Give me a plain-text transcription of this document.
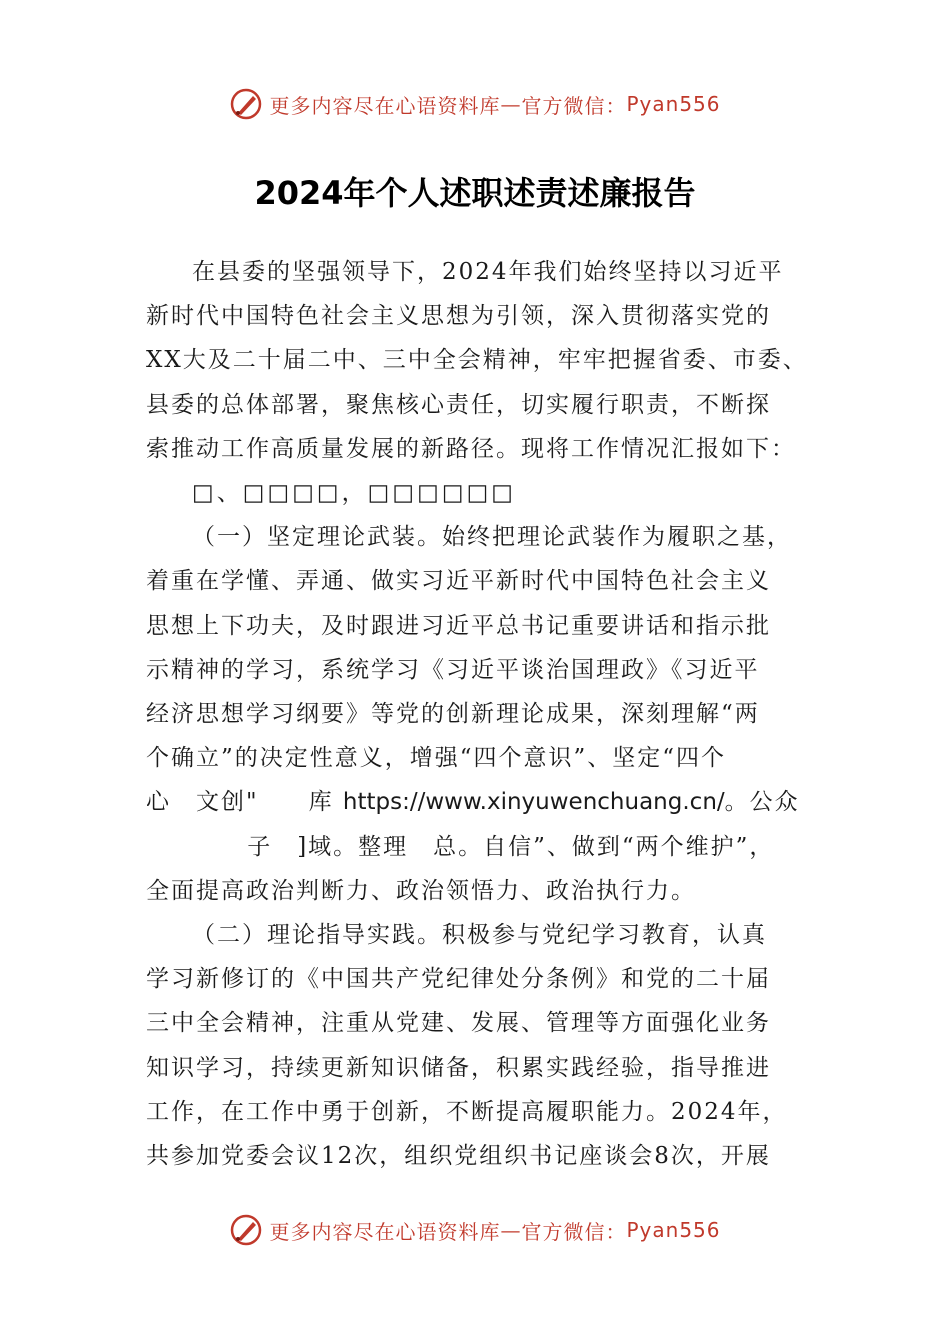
更多内容尽在心语资料库 — 官方微信： Pyan556
2024年个人述职述责述廉报告

在县委的坚强领导下，2024年我们始终坚持以习近平
新时代中国特色社会主义思想为引领，深入贯彻落实党的
XX大及二十届二中、三中全会精神，牢牢把握省委、市委、
县委的总体部署，聚焦核心责任，切实履行职责，不断探
索推动工作高质量发展的新路径。现将工作情况汇报如下：

□、□□□□，□□□□□□

（一）坚定理论武装。始终把理论武装作为履职之基，
着重在学懂、弄通、做实习近平新时代中国特色社会主义
思想上下功夫，及时跟进习近平总书记重要讲话和指示批
示精神的学习，系统学习《习近平谈治国理政》《习近平
经济思想学习纲要》等党的创新理论成果，深刻理解“两
个确立”的决定性意义，增强“四个意识”、坚定“四个
心　文创"　　库 https://www.xinyuwenchuang.cn/。公众
子　]域。整理　总。自信”、做到“两个维护”，
全面提高政治判断力、政治领悟力、政治执行力。

（二）理论指导实践。积极参与党纪学习教育，认真
学习新修订的《中国共产党纪律处分条例》和党的二十届
三中全会精神，注重从党建、发展、管理等方面强化业务
知识学习，持续更新知识储备，积累实践经验，指导推进
工作，在工作中勇于创新，不断提高履职能力。2024年，
共参加党委会议12次，组织党组织书记座谈会8次，开展

更多内容尽在心语资料库 — 官方微信： Pyan556
